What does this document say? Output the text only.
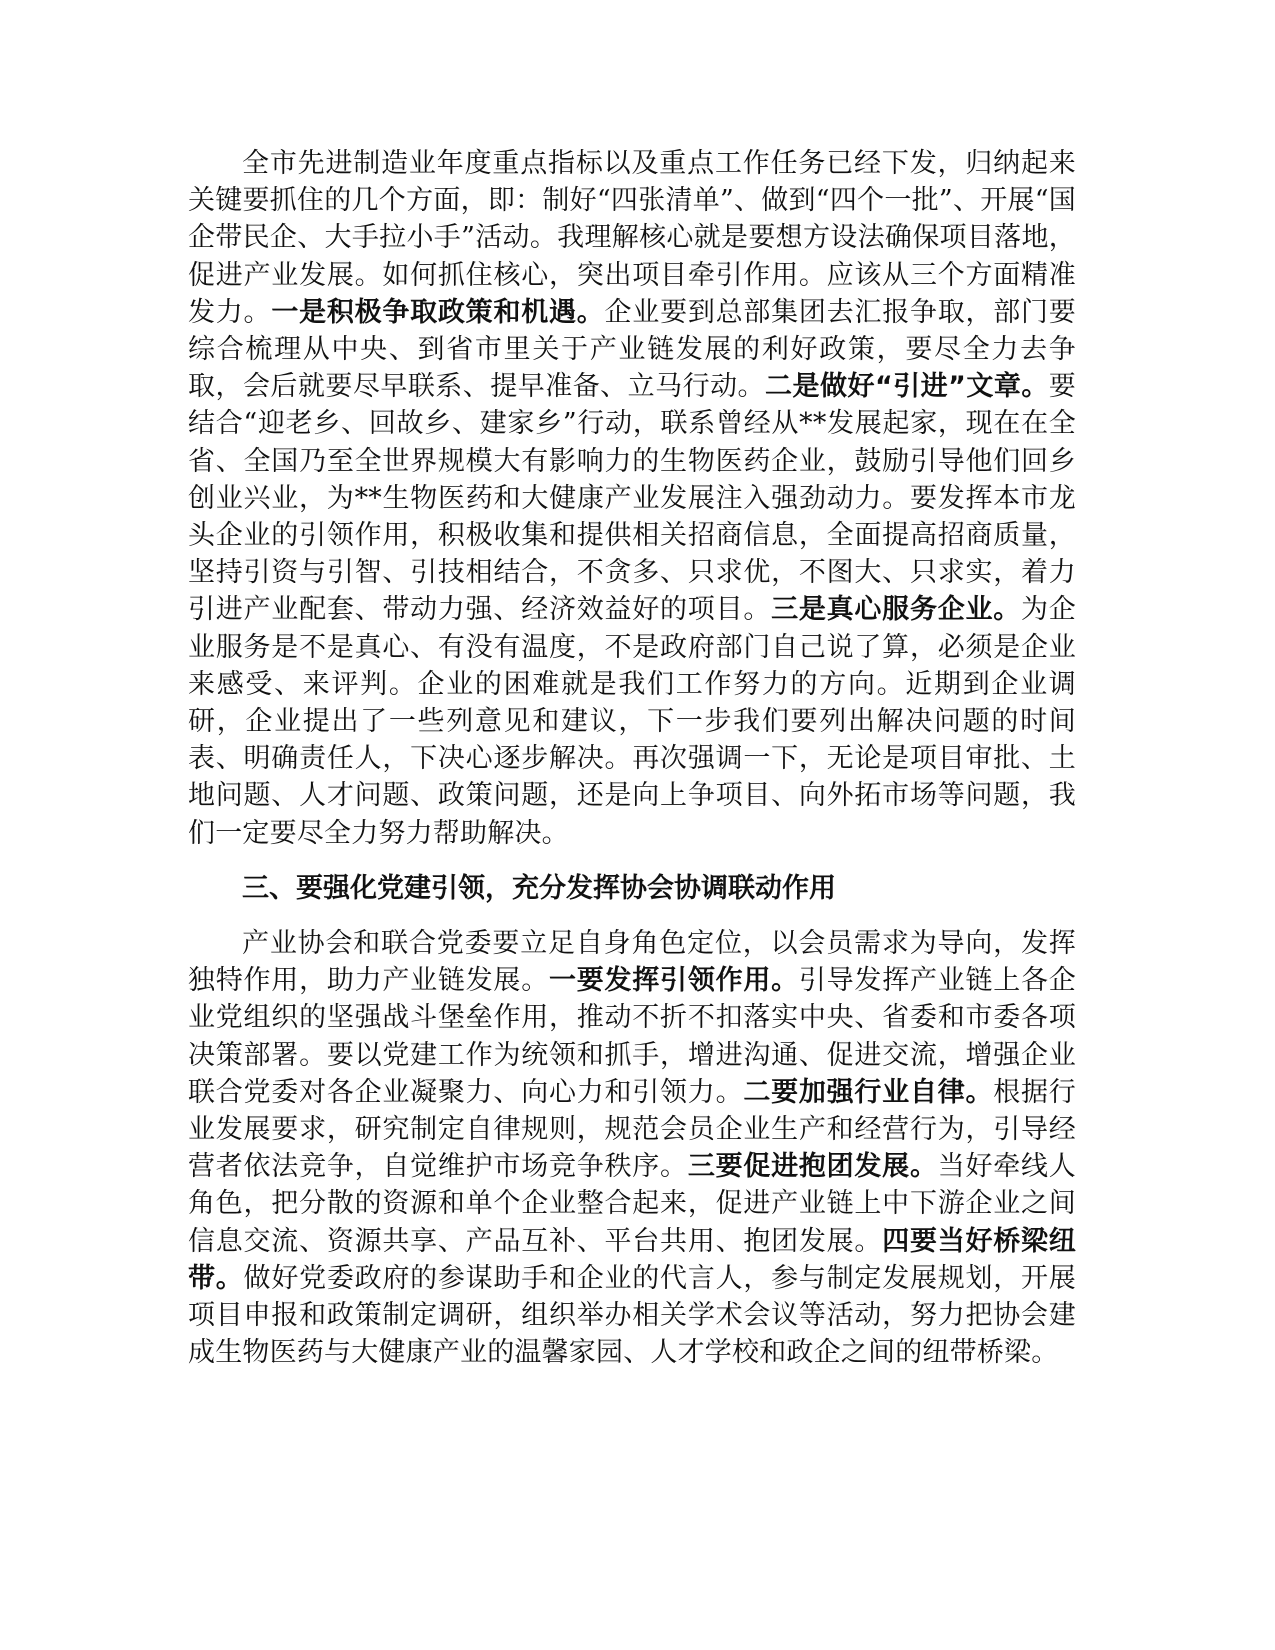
全市先进制造业年度重点指标以及重点工作任务已经下发，归纳起来关键要抓住的几个方面，即：制好“四张清单”、做到“四个一批”、开展“国企带民企、大手拉小手”活动。我理解核心就是要想方设法确保项目落地，促进产业发展。如何抓住核心，突出项目牵引作用。应该从三个方面精准发力。一是积极争取政策和机遇。企业要到总部集团去汇报争取，部门要综合梳理从中央、到省市里关于产业链发展的利好政策，要尽全力去争取，会后就要尽早联系、提早准备、立马行动。二是做好“引进”文章。要结合“迎老乡、回故乡、建家乡”行动，联系曾经从**发展起家，现在在全省、全国乃至全世界规模大有影响力的生物医药企业，鼓励引导他们回乡创业兴业，为**生物医药和大健康产业发展注入强劲动力。要发挥本市龙头企业的引领作用，积极收集和提供相关招商信息，全面提高招商质量，坚持引资与引智、引技相结合，不贪多、只求优，不图大、只求实，着力引进产业配套、带动力强、经济效益好的项目。三是真心服务企业。为企业服务是不是真心、有没有温度，不是政府部门自己说了算，必须是企业来感受、来评判。企业的困难就是我们工作努力的方向。近期到企业调研，企业提出了一些列意见和建议，下一步我们要列出解决问题的时间表、明确责任人，下决心逐步解决。再次强调一下，无论是项目审批、土地问题、人才问题、政策问题，还是向上争项目、向外拓市场等问题，我们一定要尽全力努力帮助解决。

三、要强化党建引领，充分发挥协会协调联动作用

产业协会和联合党委要立足自身角色定位，以会员需求为导向，发挥独特作用，助力产业链发展。一要发挥引领作用。引导发挥产业链上各企业党组织的坚强战斗堡垒作用，推动不折不扣落实中央、省委和市委各项决策部署。要以党建工作为统领和抓手，增进沟通、促进交流，增强企业联合党委对各企业凝聚力、向心力和引领力。二要加强行业自律。根据行业发展要求，研究制定自律规则，规范会员企业生产和经营行为，引导经营者依法竞争，自觉维护市场竞争秩序。三要促进抱团发展。当好牵线人角色，把分散的资源和单个企业整合起来，促进产业链上中下游企业之间信息交流、资源共享、产品互补、平台共用、抱团发展。四要当好桥梁纽带。做好党委政府的参谋助手和企业的代言人，参与制定发展规划，开展项目申报和政策制定调研，组织举办相关学术会议等活动，努力把协会建成生物医药与大健康产业的温馨家园、人才学校和政企之间的纽带桥梁。
